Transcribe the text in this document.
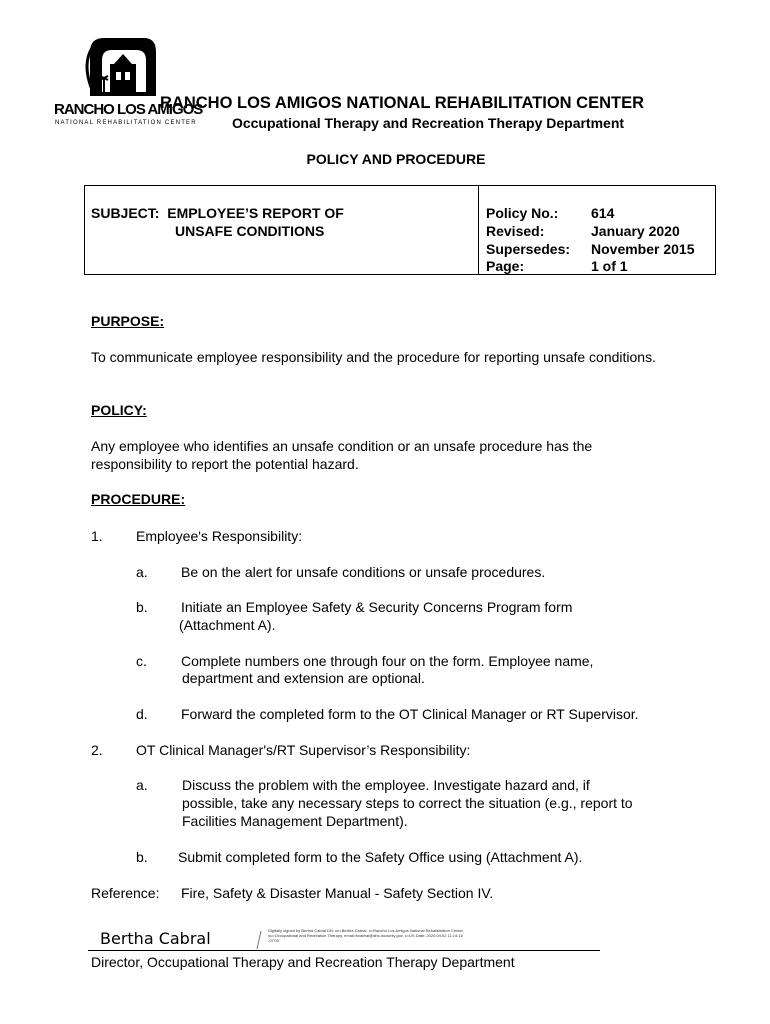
RANCHO LOS AMIGOS
NATIONAL REHABILITATION CENTER
RANCHO LOS AMIGOS NATIONAL REHABILITATION CENTER
Occupational Therapy and Recreation Therapy Department
POLICY AND PROCEDURE
SUBJECT: EMPLOYEE’S REPORT OF
UNSAFE CONDITIONS
Policy No.: 614
Revised:	January 2020
Supersedes: November 2015
Page:	1 of 1
PURPOSE:
To communicate employee responsibility and the procedure for reporting unsafe conditions.
POLICY:
Any employee who identifies an unsafe condition or an unsafe procedure has the responsibility to report the potential hazard.
PROCEDURE:
1. Employee's Responsibility:
a. Be on the alert for unsafe conditions or unsafe procedures.
b. Initiate an Employee Safety & Security Concerns Program form
(Attachment A).
c. Complete numbers one through four on the form. Employee name,
department and extension are optional.
d. Forward the completed form to the OT Clinical Manager or RT Supervisor.
2. OT Clinical Manager's/RT Supervisor’s Responsibility:
a. Discuss the problem with the employee. Investigate hazard and, if
possible, take any necessary steps to correct the situation (e.g., report to
Facilities Management Department).
b. Submit completed form to the Safety Office using (Attachment A).
Reference: Fire, Safety & Disaster Manual - Safety Section IV.
Bertha Cabral	Digitally signed by Bertha Cabral DN: cn=Bertha Cabral, o=Rancho Los Amigos National Rehabilitation Center, ou=Occupational and Recreation Therapy, email=bcabral@dhs.lacounty.gov, c=US Date: 2020.04.02 11:14:16 -07'00'
Director, Occupational Therapy and Recreation Therapy Department
